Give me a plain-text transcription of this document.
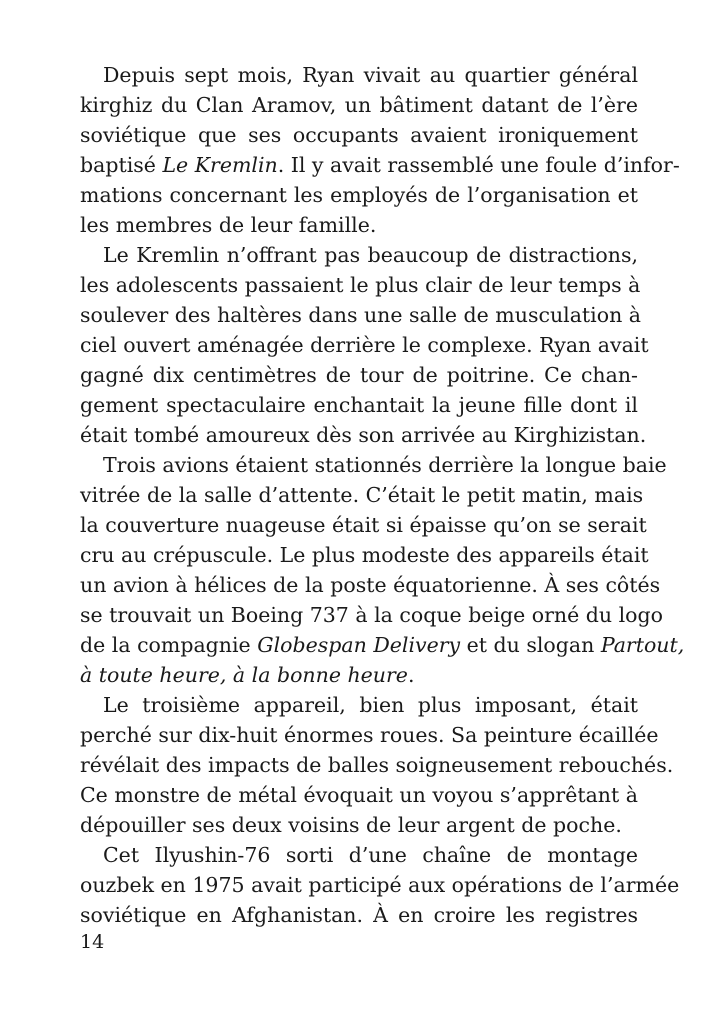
Depuis sept mois, Ryan vivait au quartier général
kirghiz du Clan Aramov, un bâtiment datant de l’ère
soviétique que ses occupants avaient ironiquement
baptisé Le Kremlin. Il y avait rassemblé une foule d’infor-
mations concernant les employés de l’organisation et
les membres de leur famille.
Le Kremlin n’offrant pas beaucoup de distractions,
les adolescents passaient le plus clair de leur temps à
soulever des haltères dans une salle de musculation à
ciel ouvert aménagée derrière le complexe. Ryan avait
gagné dix centimètres de tour de poitrine. Ce chan-
gement spectaculaire enchantait la jeune fille dont il
était tombé amoureux dès son arrivée au Kirghizistan.
Trois avions étaient stationnés derrière la longue baie
vitrée de la salle d’attente. C’était le petit matin, mais
la couverture nuageuse était si épaisse qu’on se serait
cru au crépuscule. Le plus modeste des appareils était
un avion à hélices de la poste équatorienne. À ses côtés
se trouvait un Boeing 737 à la coque beige orné du logo
de la compagnie Globespan Delivery et du slogan Partout,
à toute heure, à la bonne heure.
Le troisième appareil, bien plus imposant, était
perché sur dix-huit énormes roues. Sa peinture écaillée
révélait des impacts de balles soigneusement rebouchés.
Ce monstre de métal évoquait un voyou s’apprêtant à
dépouiller ses deux voisins de leur argent de poche.
Cet Ilyushin-76 sorti d’une chaîne de montage
ouzbek en 1975 avait participé aux opérations de l’armée
soviétique en Afghanistan. À en croire les registres
14
